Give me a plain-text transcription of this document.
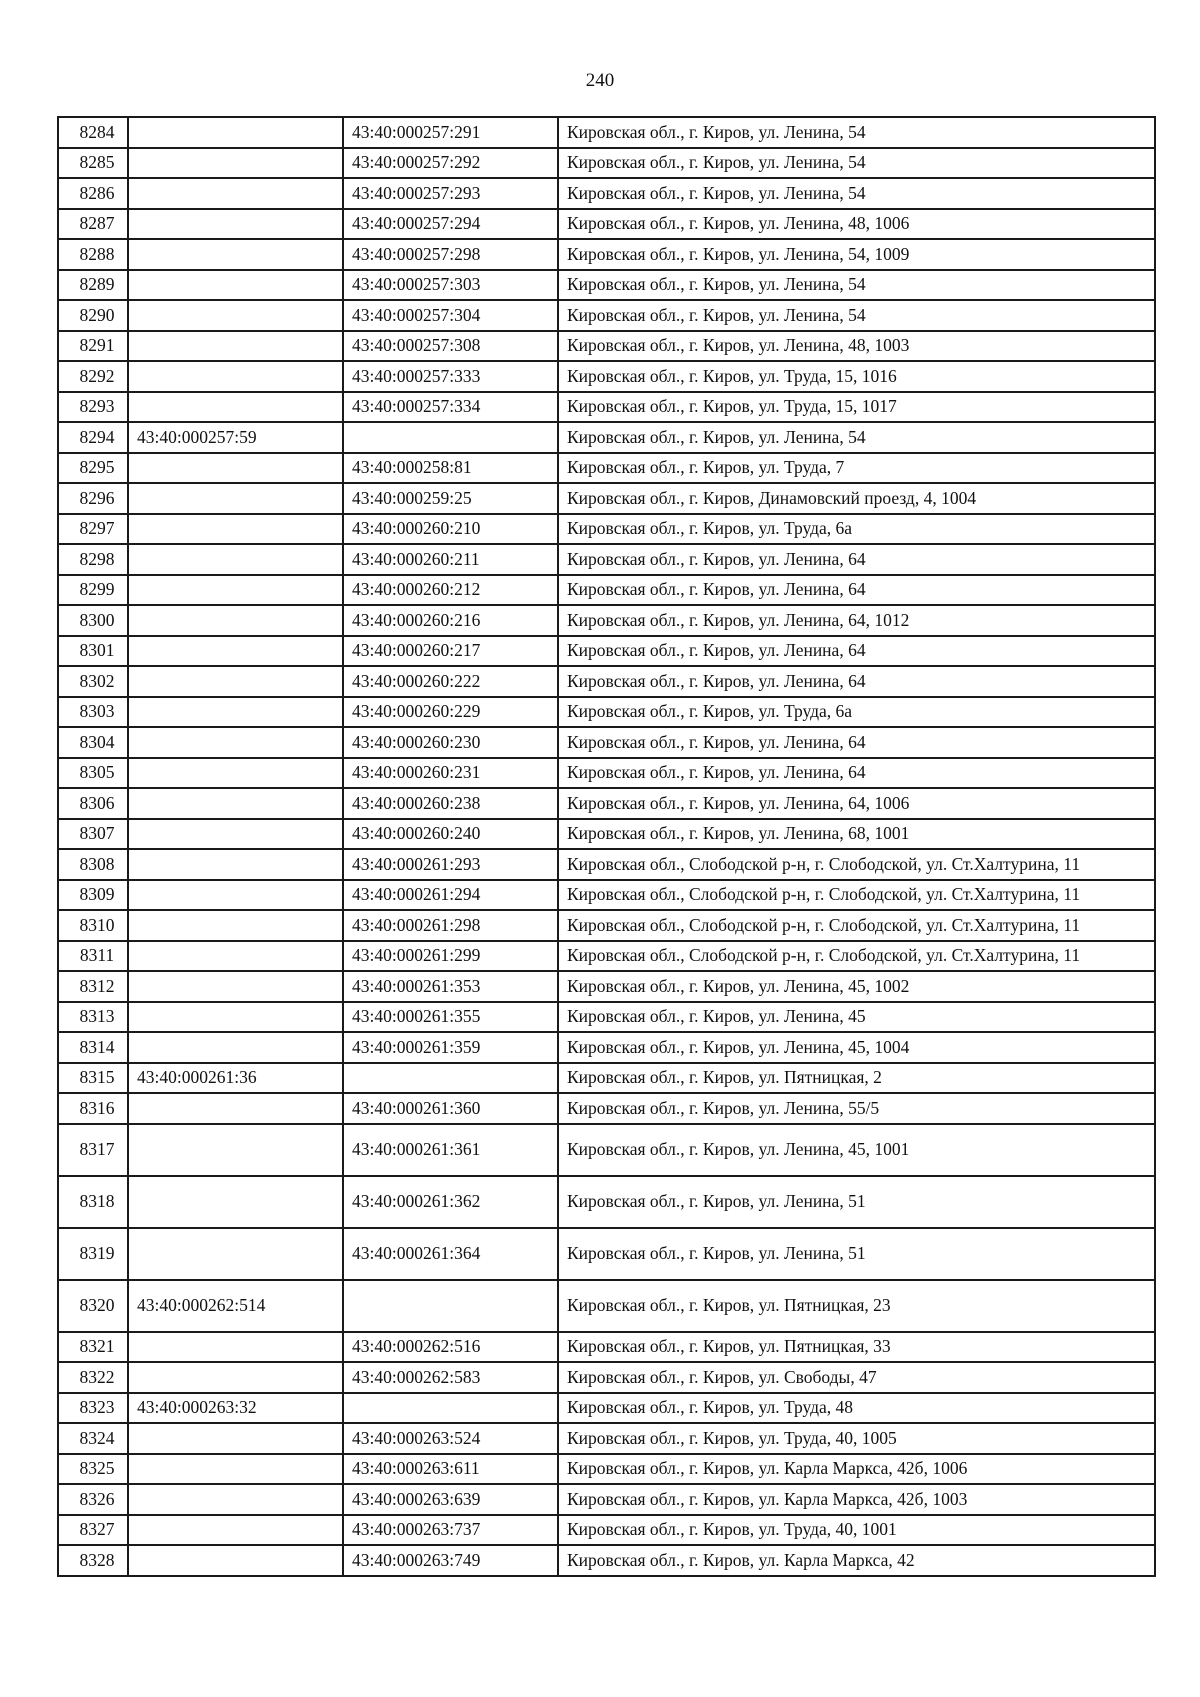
240
8284		43:40:000257:291	Кировская обл., г. Киров, ул. Ленина, 54
8285		43:40:000257:292	Кировская обл., г. Киров, ул. Ленина, 54
8286		43:40:000257:293	Кировская обл., г. Киров, ул. Ленина, 54
8287		43:40:000257:294	Кировская обл., г. Киров, ул. Ленина, 48, 1006
8288		43:40:000257:298	Кировская обл., г. Киров, ул. Ленина, 54, 1009
8289		43:40:000257:303	Кировская обл., г. Киров, ул. Ленина, 54
8290		43:40:000257:304	Кировская обл., г. Киров, ул. Ленина, 54
8291		43:40:000257:308	Кировская обл., г. Киров, ул. Ленина, 48, 1003
8292		43:40:000257:333	Кировская обл., г. Киров, ул. Труда, 15, 1016
8293		43:40:000257:334	Кировская обл., г. Киров, ул. Труда, 15, 1017
8294	43:40:000257:59		Кировская обл., г. Киров, ул. Ленина, 54
8295		43:40:000258:81	Кировская обл., г. Киров, ул. Труда, 7
8296		43:40:000259:25	Кировская обл., г. Киров, Динамовский проезд, 4, 1004
8297		43:40:000260:210	Кировская обл., г. Киров, ул. Труда, 6а
8298		43:40:000260:211	Кировская обл., г. Киров, ул. Ленина, 64
8299		43:40:000260:212	Кировская обл., г. Киров, ул. Ленина, 64
8300		43:40:000260:216	Кировская обл., г. Киров, ул. Ленина, 64, 1012
8301		43:40:000260:217	Кировская обл., г. Киров, ул. Ленина, 64
8302		43:40:000260:222	Кировская обл., г. Киров, ул. Ленина, 64
8303		43:40:000260:229	Кировская обл., г. Киров, ул. Труда, 6а
8304		43:40:000260:230	Кировская обл., г. Киров, ул. Ленина, 64
8305		43:40:000260:231	Кировская обл., г. Киров, ул. Ленина, 64
8306		43:40:000260:238	Кировская обл., г. Киров, ул. Ленина, 64, 1006
8307		43:40:000260:240	Кировская обл., г. Киров, ул. Ленина, 68, 1001
8308		43:40:000261:293	Кировская обл., Слободской р-н, г. Слободской, ул. Ст.Халтурина, 11
8309		43:40:000261:294	Кировская обл., Слободской р-н, г. Слободской, ул. Ст.Халтурина, 11
8310		43:40:000261:298	Кировская обл., Слободской р-н, г. Слободской, ул. Ст.Халтурина, 11
8311		43:40:000261:299	Кировская обл., Слободской р-н, г. Слободской, ул. Ст.Халтурина, 11
8312		43:40:000261:353	Кировская обл., г. Киров, ул. Ленина, 45, 1002
8313		43:40:000261:355	Кировская обл., г. Киров, ул. Ленина, 45
8314		43:40:000261:359	Кировская обл., г. Киров, ул. Ленина, 45, 1004
8315	43:40:000261:36		Кировская обл., г. Киров, ул. Пятницкая, 2
8316		43:40:000261:360	Кировская обл., г. Киров, ул. Ленина, 55/5
8317		43:40:000261:361	Кировская обл., г. Киров, ул. Ленина, 45, 1001
8318		43:40:000261:362	Кировская обл., г. Киров, ул. Ленина, 51
8319		43:40:000261:364	Кировская обл., г. Киров, ул. Ленина, 51
8320	43:40:000262:514		Кировская обл., г. Киров, ул. Пятницкая, 23
8321		43:40:000262:516	Кировская обл., г. Киров, ул. Пятницкая, 33
8322		43:40:000262:583	Кировская обл., г. Киров, ул. Свободы, 47
8323	43:40:000263:32		Кировская обл., г. Киров, ул. Труда, 48
8324		43:40:000263:524	Кировская обл., г. Киров, ул. Труда, 40, 1005
8325		43:40:000263:611	Кировская обл., г. Киров, ул. Карла Маркса, 42б, 1006
8326		43:40:000263:639	Кировская обл., г. Киров, ул. Карла Маркса, 42б, 1003
8327		43:40:000263:737	Кировская обл., г. Киров, ул. Труда, 40, 1001
8328		43:40:000263:749	Кировская обл., г. Киров, ул. Карла Маркса, 42
